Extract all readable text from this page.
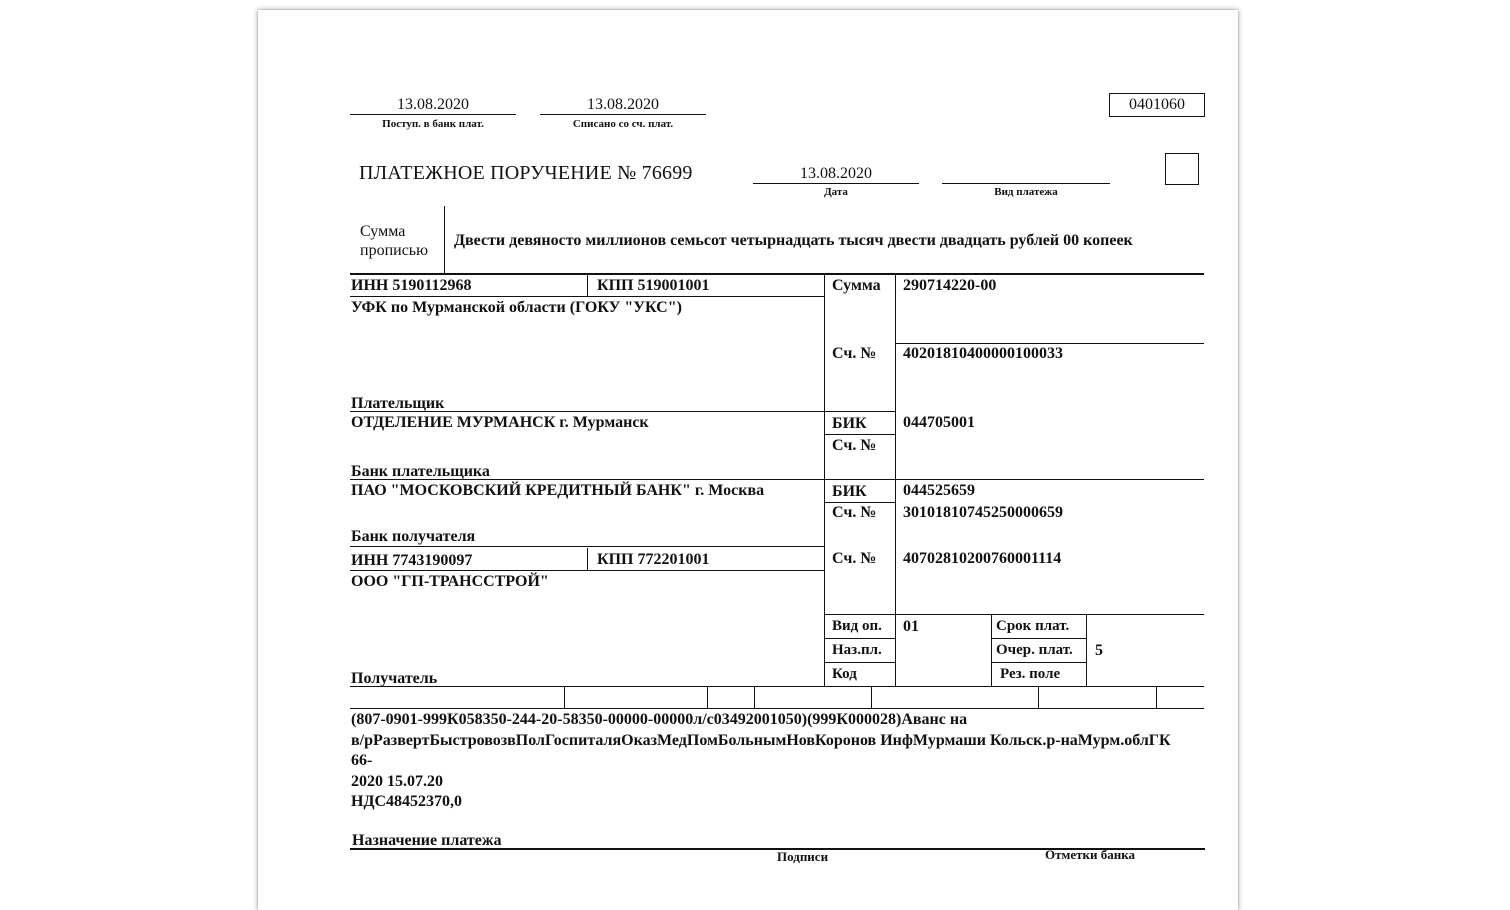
13.08.2020
Поступ. в банк плат.
13.08.2020
Списано со сч. плат.
0401060
ПЛАТЕЖНОЕ ПОРУЧЕНИЕ № 76699	13.08.2020
Дата	Вид платежа
Сумма
прописью
Двести девяносто миллионов семьсот четырнадцать тысяч двести двадцать рублей 00 копеек
ИНН 5190112968	КПП 519001001
УФК по Мурманской области (ГОКУ "УКС")
Плательщик
Сумма 290714220-00
Сч. № 40201810400000100033
ОТДЕЛЕНИЕ МУРМАНСК г. Мурманск
Банк плательщика
БИК 044705001
Сч. №
ПАО "МОСКОВСКИЙ КРЕДИТНЫЙ БАНК" г. Москва
Банк получателя
БИК 044525659
Сч. № 30101810745250000659
ИНН 7743190097	КПП 772201001
ООО "ГП-ТРАНССТРОЙ"
Получатель
Сч. № 40702810200760001114
Вид оп. 01
Наз.пл.
Код
Срок плат.
Очер. плат. 5
Рез. поле
(807-0901-999К058350-244-20-58350-00000-00000л/с03492001050)(999К000028)Аванс на
в/рРазвертБыстровозвПолГоспиталяОказМедПомБольнымНовКоронов ИнфМурмаши Кольск.р-наМурм.облГК 66-
2020 15.07.20
НДС48452370,0
Назначение платежа
Подписи	Отметки банка
